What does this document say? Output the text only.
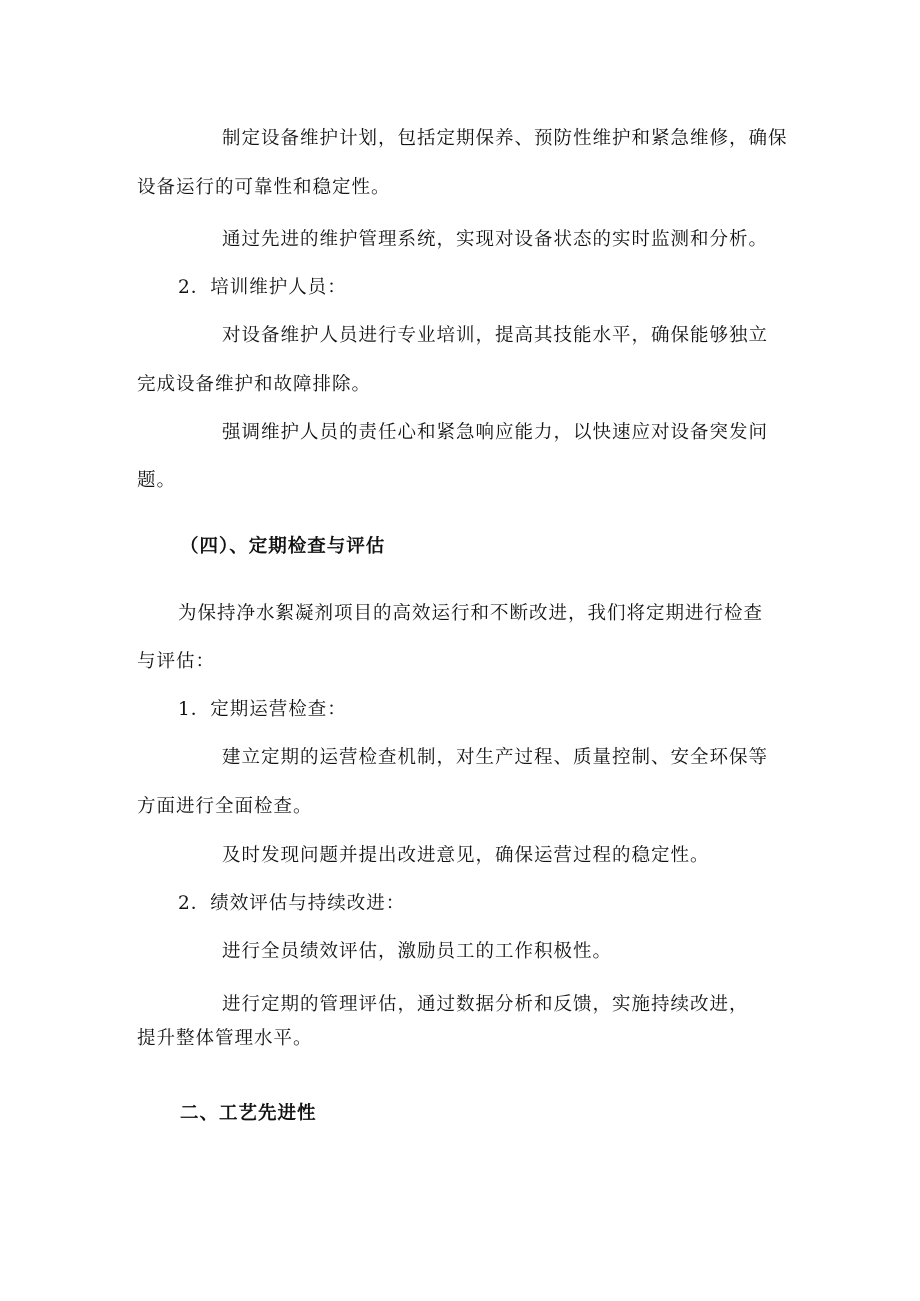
制定设备维护计划，包括定期保养、预防性维护和紧急维修，确保
设备运行的可靠性和稳定性。
通过先进的维护管理系统，实现对设备状态的实时监测和分析。
2．培训维护人员：
对设备维护人员进行专业培训，提高其技能水平，确保能够独立
完成设备维护和故障排除。
强调维护人员的责任心和紧急响应能力，以快速应对设备突发问
题。
（四）、定期检查与评估
为保持净水絮凝剂项目的高效运行和不断改进，我们将定期进行检查
与评估：
1．定期运营检查：
建立定期的运营检查机制，对生产过程、质量控制、安全环保等
方面进行全面检查。
及时发现问题并提出改进意见，确保运营过程的稳定性。
2．绩效评估与持续改进：
进行全员绩效评估，激励员工的工作积极性。
进行定期的管理评估，通过数据分析和反馈，实施持续改进，
提升整体管理水平。
二、工艺先进性
